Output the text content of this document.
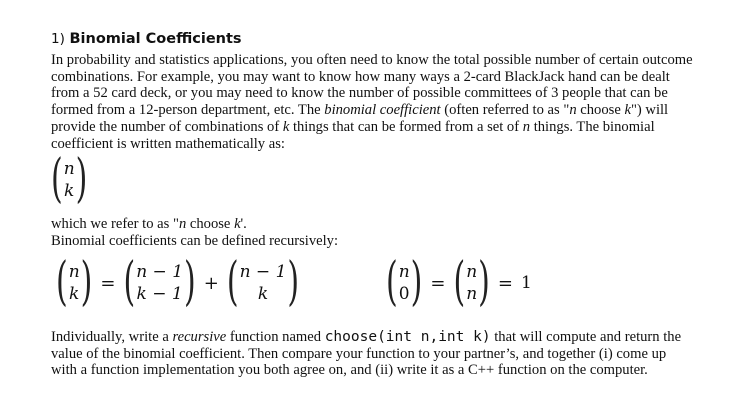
1) Binomial Coefficients
In probability and statistics applications, you often need to know the total possible number of certain outcome
combinations. For example, you may want to know how many ways a 2-card BlackJack hand can be dealt
from a 52 card deck, or you may need to know the number of possible committees of 3 people that can be
formed from a 12-person department, etc. The binomial coefficient (often referred to as "n choose k") will
provide the number of combinations of k things that can be formed from a set of n things. The binomial
coefficient is written mathematically as:
( n
k )
which we refer to as "n choose k'.
Binomial coefficients can be defined recursively:
( n
k ) = ( n − 1
k − 1 ) + ( n − 1
k )	( n
0 ) = ( n
n ) = 1
Individually, write a recursive function named choose(int n,int k) that will compute and return the
value of the binomial coefficient. Then compare your function to your partner’s, and together (i) come up
with a function implementation you both agree on, and (ii) write it as a C++ function on the computer.
